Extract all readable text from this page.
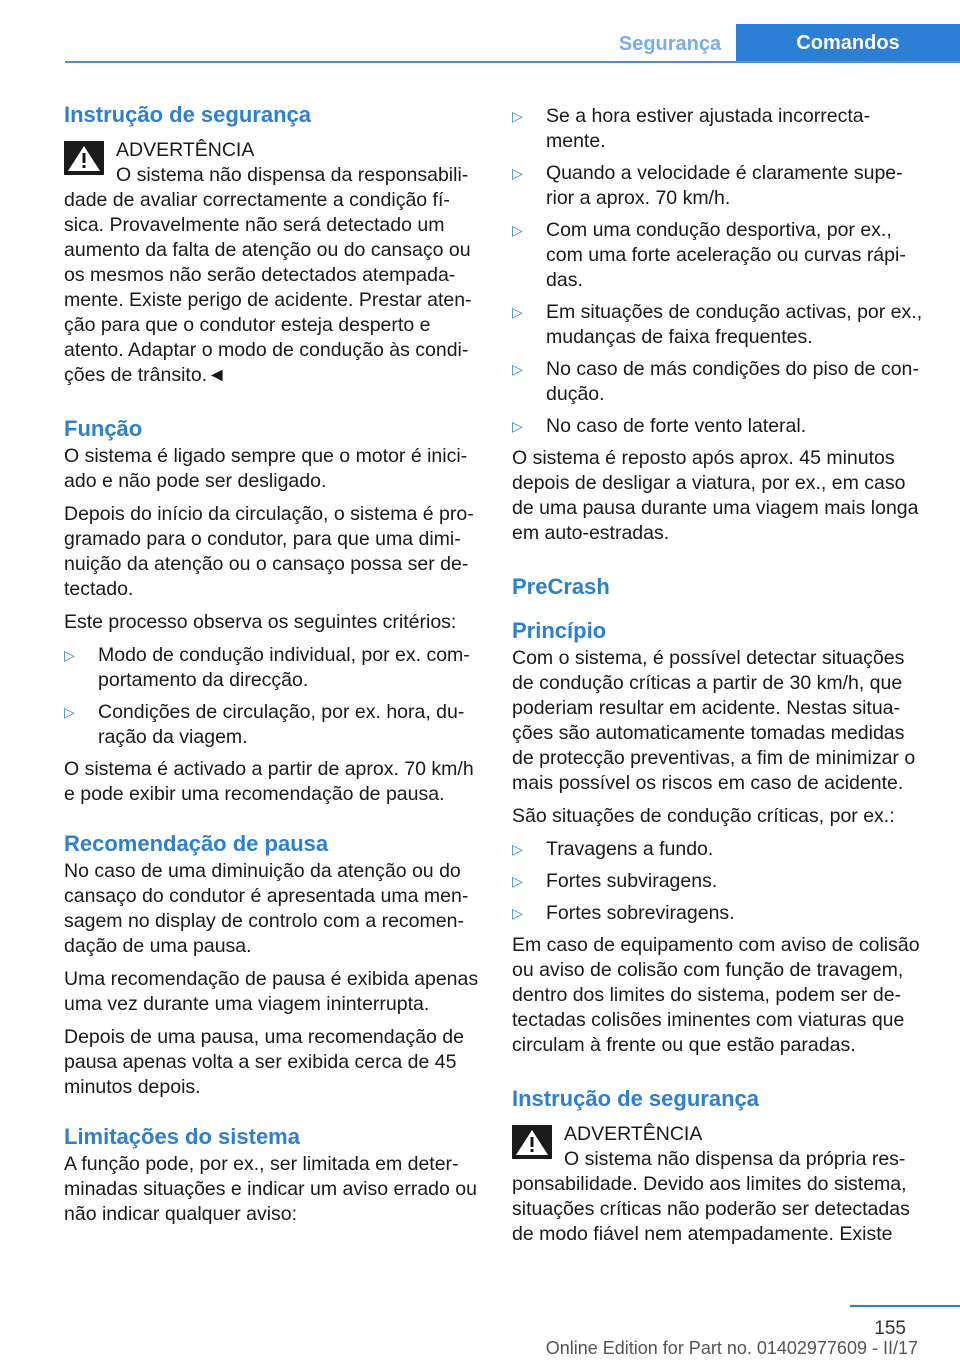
Segurança	Comandos
Instrução de segurança
ADVERTÊNCIA

O sistema não dispensa da responsabili-dade de avaliar correctamente a condição fí-sica. Provavelmente não será detectado um aumento da falta de atenção ou do cansaço ou os mesmos não serão detectados atempada-mente. Existe perigo de acidente. Prestar aten-ção para que o condutor esteja desperto e atento. Adaptar o modo de condução às condi-ções de trânsito.◄

Função

O sistema é ligado sempre que o motor é inici-ado e não pode ser desligado.

Depois do início da circulação, o sistema é pro-gramado para o condutor, para que uma dimi-nuição da atenção ou o cansaço possa ser de-tectado.

Este processo observa os seguintes critérios:

▷ Modo de condução individual, por ex. com-portamento da direcção.
▷ Condições de circulação, por ex. hora, du-ração da viagem.

O sistema é activado a partir de aprox. 70 km/h e pode exibir uma recomendação de pausa.

Recomendação de pausa

No caso de uma diminuição da atenção ou do cansaço do condutor é apresentada uma men-sagem no display de controlo com a recomen-dação de uma pausa.

Uma recomendação de pausa é exibida apenas uma vez durante uma viagem ininterrupta.

Depois de uma pausa, uma recomendação de pausa apenas volta a ser exibida cerca de 45 minutos depois.

Limitações do sistema

A função pode, por ex., ser limitada em deter-minadas situações e indicar um aviso errado ou não indicar qualquer aviso:

▷ Se a hora estiver ajustada incorrecta-mente.
▷ Quando a velocidade é claramente supe-rior a aprox. 70 km/h.
▷ Com uma condução desportiva, por ex., com uma forte aceleração ou curvas rápi-das.
▷ Em situações de condução activas, por ex., mudanças de faixa frequentes.
▷ No caso de más condições do piso de con-dução.
▷ No caso de forte vento lateral.

O sistema é reposto após aprox. 45 minutos depois de desligar a viatura, por ex., em caso de uma pausa durante uma viagem mais longa em auto-estradas.

PreCrash
Princípio

Com o sistema, é possível detectar situações de condução críticas a partir de 30 km/h, que poderiam resultar em acidente. Nestas situa-ções são automaticamente tomadas medidas de protecção preventivas, a fim de minimizar o mais possível os riscos em caso de acidente.

São situações de condução críticas, por ex.:

▷ Travagens a fundo.
▷ Fortes subviragens.
▷ Fortes sobreviragens.

Em caso de equipamento com aviso de colisão ou aviso de colisão com função de travagem, dentro dos limites do sistema, podem ser de-tectadas colisões iminentes com viaturas que circulam à frente ou que estão paradas.

Instrução de segurança
ADVERTÊNCIA

O sistema não dispensa da própria res-ponsabilidade. Devido aos limites do sistema, situações críticas não poderão ser detectadas de modo fiável nem atempadamente. Existe

155
Online Edition for Part no. 01402977609 - II/17
